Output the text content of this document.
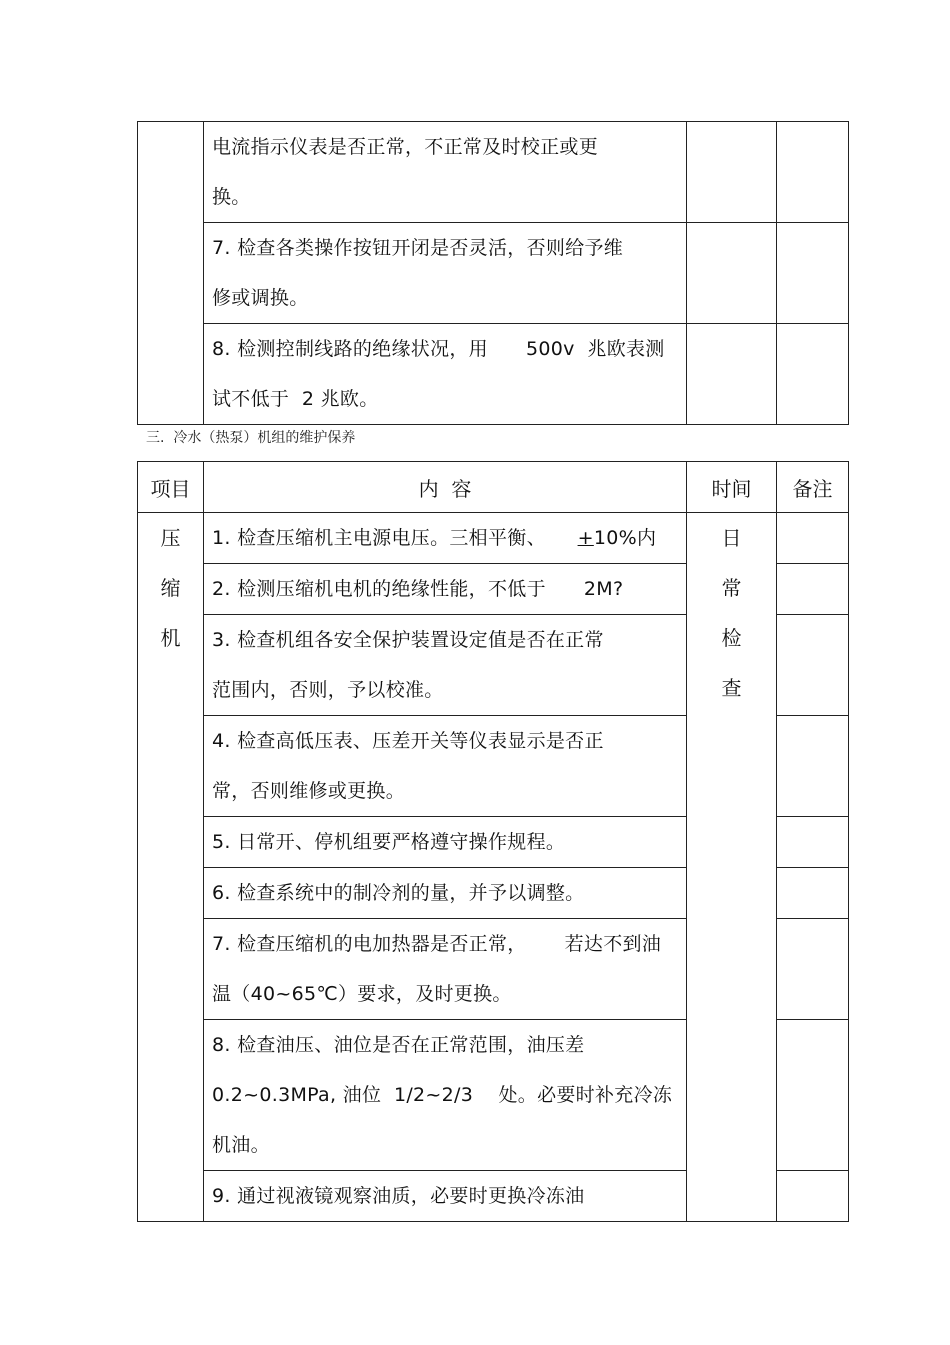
	电流指示仪表是否正常，不正常及时校正或更
换。		

	7. 检查各类操作按钮开闭是否灵活，否则给予维
修或调换。		

	8. 检测控制线路的绝缘状况，用      500v  兆欧表测
试不低于  2 兆欧。		

三.  冷水（热泵）机组的维护保养
项目	内  容	时间	备注

压
缩
机	1. 检查压缩机主电源电压。三相平衡、     +10%内	日
常
检
查	

	2. 检测压缩机电机的绝缘性能，不低于      2M?		

	3. 检查机组各安全保护装置设定值是否在正常
范围内，否则，予以校准。		

	4. 检查高低压表、压差开关等仪表显示是否正
常，否则维修或更换。		

	5. 日常开、停机组要严格遵守操作规程。		

	6. 检查系统中的制冷剂的量，并予以调整。		

	7. 检查压缩机的电加热器是否正常，      若达不到油
温（40~65℃）要求，及时更换。		

	8. 检查油压、油位是否在正常范围，油压差
0.2~0.3MPa, 油位  1/2~2/3    处。必要时补充冷冻
机油。		

	9. 通过视液镜观察油质，必要时更换冷冻油		
